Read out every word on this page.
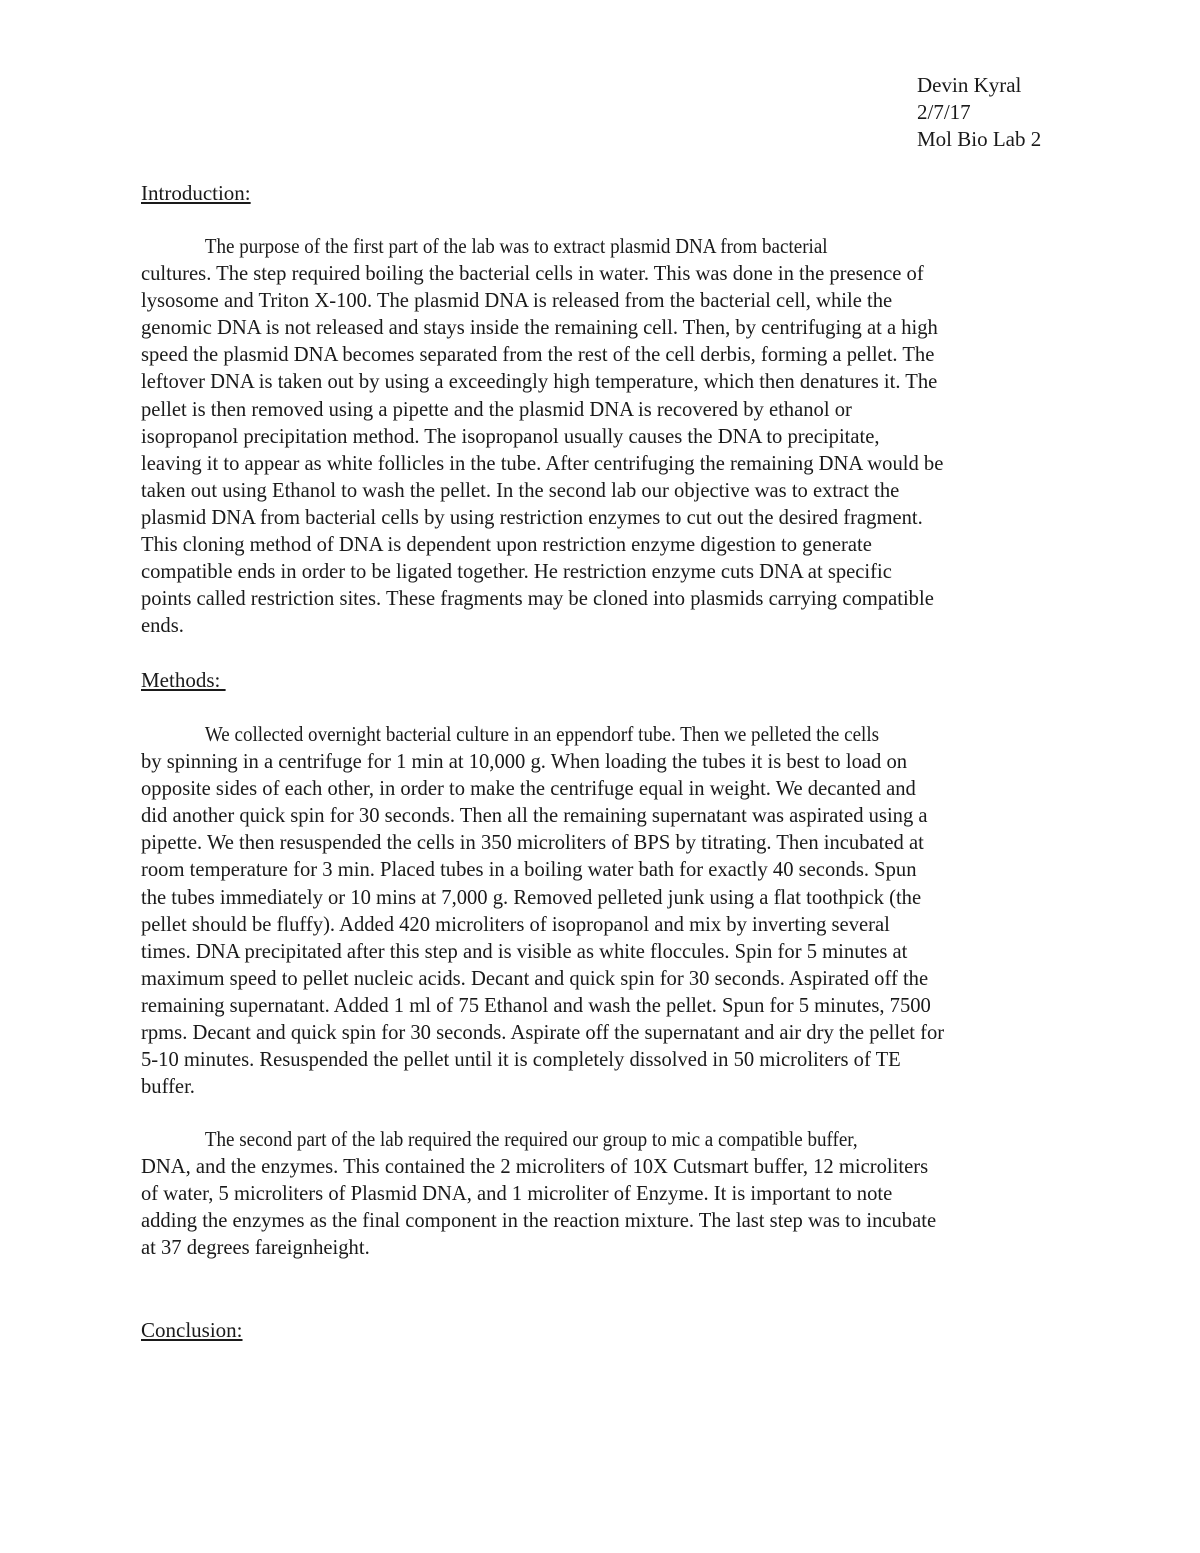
Devin Kyral
2/7/17
Mol Bio Lab 2
Introduction:
The purpose of the first part of the lab was to extract plasmid DNA from bacterial
cultures. The step required boiling the bacterial cells in water. This was done in the presence of
lysosome and Triton X-100. The plasmid DNA is released from the bacterial cell, while the
genomic DNA is not released and stays inside the remaining cell. Then, by centrifuging at a high
speed the plasmid DNA becomes separated from the rest of the cell derbis, forming a pellet. The
leftover DNA is taken out by using a exceedingly high temperature, which then denatures it. The
pellet is then removed using a pipette and the plasmid DNA is recovered by ethanol or
isopropanol precipitation method. The isopropanol usually causes the DNA to precipitate,
leaving it to appear as white follicles in the tube. After centrifuging the remaining DNA would be
taken out using Ethanol to wash the pellet. In the second lab our objective was to extract the
plasmid DNA from bacterial cells by using restriction enzymes to cut out the desired fragment.
This cloning method of DNA is dependent upon restriction enzyme digestion to generate
compatible ends in order to be ligated together. He restriction enzyme cuts DNA at specific
points called restriction sites. These fragments may be cloned into plasmids carrying compatible
ends.
Methods:
We collected overnight bacterial culture in an eppendorf tube. Then we pelleted the cells
by spinning in a centrifuge for 1 min at 10,000 g. When loading the tubes it is best to load on
opposite sides of each other, in order to make the centrifuge equal in weight. We decanted and
did another quick spin for 30 seconds. Then all the remaining supernatant was aspirated using a
pipette. We then resuspended the cells in 350 microliters of BPS by titrating. Then incubated at
room temperature for 3 min. Placed tubes in a boiling water bath for exactly 40 seconds. Spun
the tubes immediately or 10 mins at 7,000 g. Removed pelleted junk using a flat toothpick (the
pellet should be fluffy). Added 420 microliters of isopropanol and mix by inverting several
times. DNA precipitated after this step and is visible as white floccules. Spin for 5 minutes at
maximum speed to pellet nucleic acids. Decant and quick spin for 30 seconds. Aspirated off the
remaining supernatant. Added 1 ml of 75 Ethanol and wash the pellet. Spun for 5 minutes, 7500
rpms. Decant and quick spin for 30 seconds. Aspirate off the supernatant and air dry the pellet for
5-10 minutes. Resuspended the pellet until it is completely dissolved in 50 microliters of TE
buffer.
The second part of the lab required the required our group to mic a compatible buffer,
DNA, and the enzymes. This contained the 2 microliters of 10X Cutsmart buffer, 12 microliters
of water, 5 microliters of Plasmid DNA, and 1 microliter of Enzyme. It is important to note
adding the enzymes as the final component in the reaction mixture. The last step was to incubate
at 37 degrees fareignheight.
Conclusion:
